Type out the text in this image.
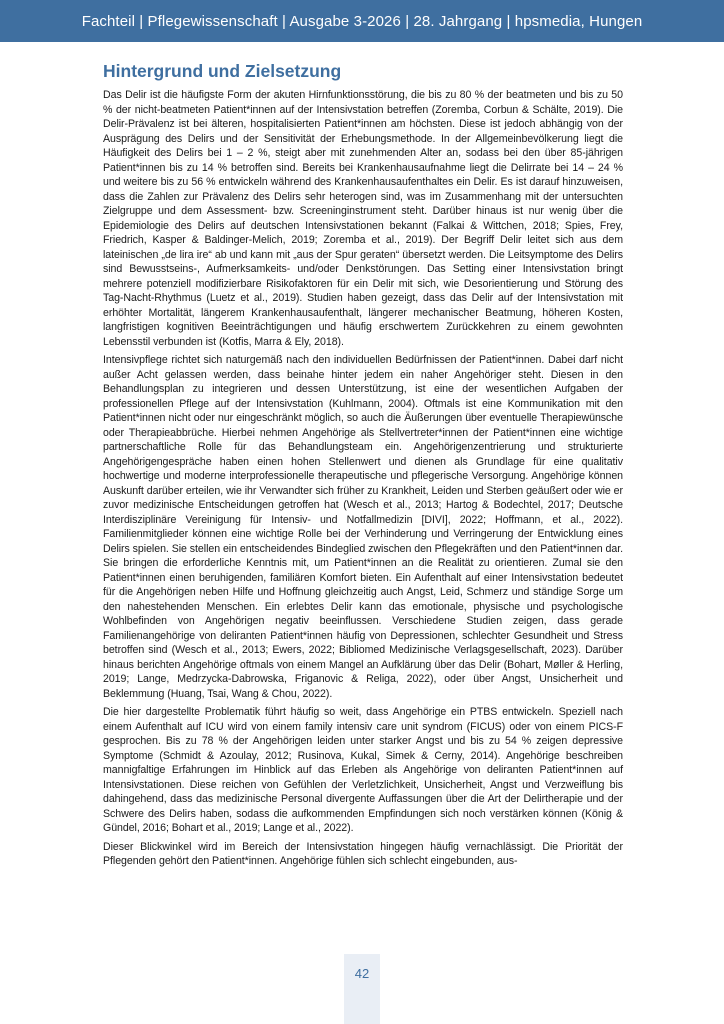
Fachteil | Pflegewissenschaft | Ausgabe 3-2026 | 28. Jahrgang | hpsmedia, Hungen
Hintergrund und Zielsetzung

Das Delir ist die häufigste Form der akuten Hirnfunktionsstörung, die bis zu 80 % der beatmeten und bis zu 50 % der nicht-beatmeten Patient*innen auf der Intensivstation betreffen (Zoremba, Corbun & Schälte, 2019). Die Delir-Prävalenz ist bei älteren, hospitalisierten Patient*innen am höchsten. Diese ist jedoch abhängig von der Ausprägung des Delirs und der Sensitivität der Erhebungsmethode. In der Allgemeinbevölkerung liegt die Häufigkeit des Delirs bei 1 – 2 %, steigt aber mit zunehmenden Alter an, sodass bei den über 85-jährigen Patient*innen bis zu 14 % betroffen sind. Bereits bei Krankenhausaufnahme liegt die Delirrate bei 14 – 24 % und weitere bis zu 56 % entwickeln während des Krankenhausaufenthaltes ein Delir. Es ist darauf hinzuweisen, dass die Zahlen zur Prävalenz des Delirs sehr heterogen sind, was im Zusammenhang mit der untersuchten Zielgruppe und dem Assessment- bzw. Screeninginstrument steht. Darüber hinaus ist nur wenig über die Epidemiologie des Delirs auf deutschen Intensivstationen bekannt (Falkai & Wittchen, 2018; Spies, Frey, Friedrich, Kasper & Baldinger-Melich, 2019; Zoremba et al., 2019). Der Begriff Delir leitet sich aus dem lateinischen „de lira ire“ ab und kann mit „aus der Spur geraten“ übersetzt werden. Die Leitsymptome des Delirs sind Bewusstseins-, Aufmerksamkeits- und/oder Denkstörungen. Das Setting einer Intensivstation bringt mehrere potenziell modifizierbare Risikofaktoren für ein Delir mit sich, wie Desorientierung und Störung des Tag-Nacht-Rhythmus (Luetz et al., 2019). Studien haben gezeigt, dass das Delir auf der Intensivstation mit erhöhter Mortalität, längerem Krankenhausaufenthalt, längerer mechanischer Beatmung, höheren Kosten, langfristigen kognitiven Beeinträchtigungen und häufig erschwertem Zurückkehren zu einem gewohnten Lebensstil verbunden ist (Kotfis, Marra & Ely, 2018).

Intensivpflege richtet sich naturgemäß nach den individuellen Bedürfnissen der Patient*innen. Dabei darf nicht außer Acht gelassen werden, dass beinahe hinter jedem ein naher Angehöriger steht. Diesen in den Behandlungsplan zu integrieren und dessen Unterstützung, ist eine der wesentlichen Aufgaben der professionellen Pflege auf der Intensivstation (Kuhlmann, 2004). Oftmals ist eine Kommunikation mit den Patient*innen nicht oder nur eingeschränkt möglich, so auch die Äußerungen über eventuelle Therapiewünsche oder Therapieabbrüche. Hierbei nehmen Angehörige als Stellvertreter*innen der Patient*innen eine wichtige partnerschaftliche Rolle für das Behandlungsteam ein. Angehörigenzentrierung und strukturierte Angehörigengespräche haben einen hohen Stellenwert und dienen als Grundlage für eine qualitativ hochwertige und moderne interprofessionelle therapeutische und pflegerische Versorgung. Angehörige können Auskunft darüber erteilen, wie ihr Verwandter sich früher zu Krankheit, Leiden und Sterben geäußert oder wie er zuvor medizinische Entscheidungen getroffen hat (Wesch et al., 2013; Hartog & Bodechtel, 2017; Deutsche Interdisziplinäre Vereinigung für Intensiv- und Notfallmedizin [DIVI], 2022; Hoffmann, et al., 2022). Familienmitglieder können eine wichtige Rolle bei der Verhinderung und Verringerung der Entwicklung eines Delirs spielen. Sie stellen ein entscheidendes Bindeglied zwischen den Pflegekräften und den Patient*innen dar. Sie bringen die erforderliche Kenntnis mit, um Patient*innen an die Realität zu orientieren. Zumal sie den Patient*innen einen beruhigenden, familiären Komfort bieten. Ein Aufenthalt auf einer Intensivstation bedeutet für die Angehörigen neben Hilfe und Hoffnung gleichzeitig auch Angst, Leid, Schmerz und ständige Sorge um den nahestehenden Menschen. Ein erlebtes Delir kann das emotionale, physische und psychologische Wohlbefinden von Angehörigen negativ beeinflussen. Verschiedene Studien zeigen, dass gerade Familienangehörige von deliranten Patient*innen häufig von Depressionen, schlechter Gesundheit und Stress betroffen sind (Wesch et al., 2013; Ewers, 2022; Bibliomed Medizinische Verlagsgesellschaft, 2023). Darüber hinaus berichten Angehörige oftmals von einem Mangel an Aufklärung über das Delir (Bohart, Møller & Herling, 2019; Lange, Medrzycka-Dabrowska, Friganovic & Religa, 2022), oder über Angst, Unsicherheit und Beklemmung (Huang, Tsai, Wang & Chou, 2022).

Die hier dargestellte Problematik führt häufig so weit, dass Angehörige ein PTBS entwickeln. Speziell nach einem Aufenthalt auf ICU wird von einem family intensiv care unit syndrom (FICUS) oder von einem PICS-F gesprochen. Bis zu 78 % der Angehörigen leiden unter starker Angst und bis zu 54 % zeigen depressive Symptome (Schmidt & Azoulay, 2012; Rusinova, Kukal, Simek & Cerny, 2014). Angehörige beschreiben mannigfaltige Erfahrungen im Hinblick auf das Erleben als Angehörige von deliranten Patient*innen auf Intensivstationen. Diese reichen von Gefühlen der Verletzlichkeit, Unsicherheit, Angst und Verzweiflung bis dahingehend, dass das medizinische Personal divergente Auffassungen über die Art der Delirtherapie und der Schwere des Delirs haben, sodass die aufkommenden Empfindungen sich noch verstärken können (König & Gündel, 2016; Bohart et al., 2019; Lange et al., 2022).

Dieser Blickwinkel wird im Bereich der Intensivstation hingegen häufig vernachlässigt. Die Priorität der Pflegenden gehört den Patient*innen. Angehörige fühlen sich schlecht eingebunden, aus-

42
